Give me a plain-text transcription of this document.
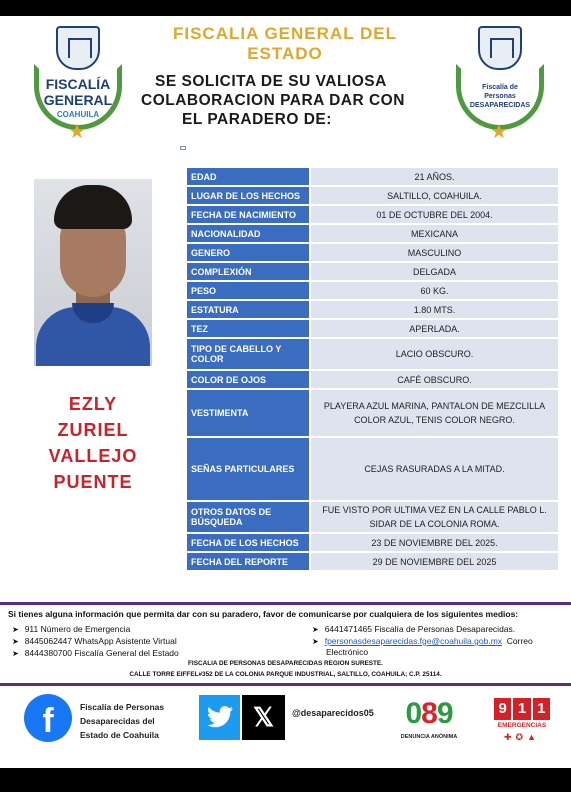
FISCALÍA
GENERAL
COAHUILA
★
Fiscalía de
Personas
DESAPARECIDAS
★
FISCALIA GENERAL DEL
ESTADO
SE SOLICITA DE SU VALIOSA
COLABORACION PARA DAR CON
EL PARADERO DE:
EZLY
ZURIEL
VALLEJO
PUENTE
EDAD	21 AÑOS.
LUGAR DE LOS HECHOS	SALTILLO, COAHUILA.
FECHA DE NACIMIENTO	01 DE OCTUBRE DEL 2004.
NACIONALIDAD	MEXICANA
GENERO	MASCULINO
COMPLEXIÓN	DELGADA
PESO	60 KG.
ESTATURA	1.80 MTS.
TEZ	APERLADA.
TIPO DE CABELLO Y COLOR	LACIO OBSCURO.
COLOR DE OJOS	CAFÉ OBSCURO.
VESTIMENTA	PLAYERA AZUL MARINA, PANTALON DE MEZCLILLA COLOR AZUL, TENIS COLOR NEGRO.
SEÑAS PARTICULARES	CEJAS RASURADAS A LA MITAD.
OTROS DATOS DE BÚSQUEDA	FUE VISTO POR ULTIMA VEZ EN LA CALLE PABLO L. SIDAR DE LA COLONIA ROMA.
FECHA DE LOS HECHOS	23 DE NOVIEMBRE DEL 2025.
FECHA DEL REPORTE	29 DE NOVIEMBRE DEL 2025
Si tienes alguna información que permita dar con su paradero, favor de comunicarse por cualquiera de los siguientes medios:
➤ 911 Número de Emergencia
➤ 8445062447 WhatsApp Asistente Virtual
➤ 8444380700 Fiscalía General del Estado
➤ 6441471465 Fiscalía de Personas Desaparecidas.
➤ fpersonasdesaparecidas.fge@coahuila.gob.mx Correo
Electrónico
FISCALIA DE PERSONAS DESAPARECIDAS REGION SURESTE.
CALLE TORRE EIFFEL#352 DE LA COLONIA PARQUE INDUSTRIAL, SALTILLO, COAHUILA; C.P. 25114.
f	Fiscalía de Personas
Desaparecidas del
Estado de Coahuila
𝕏	@desaparecidos05 089
DENUNCIA ANÓNIMA
9 1 1
EMERGENCIAS
✚✪▲
